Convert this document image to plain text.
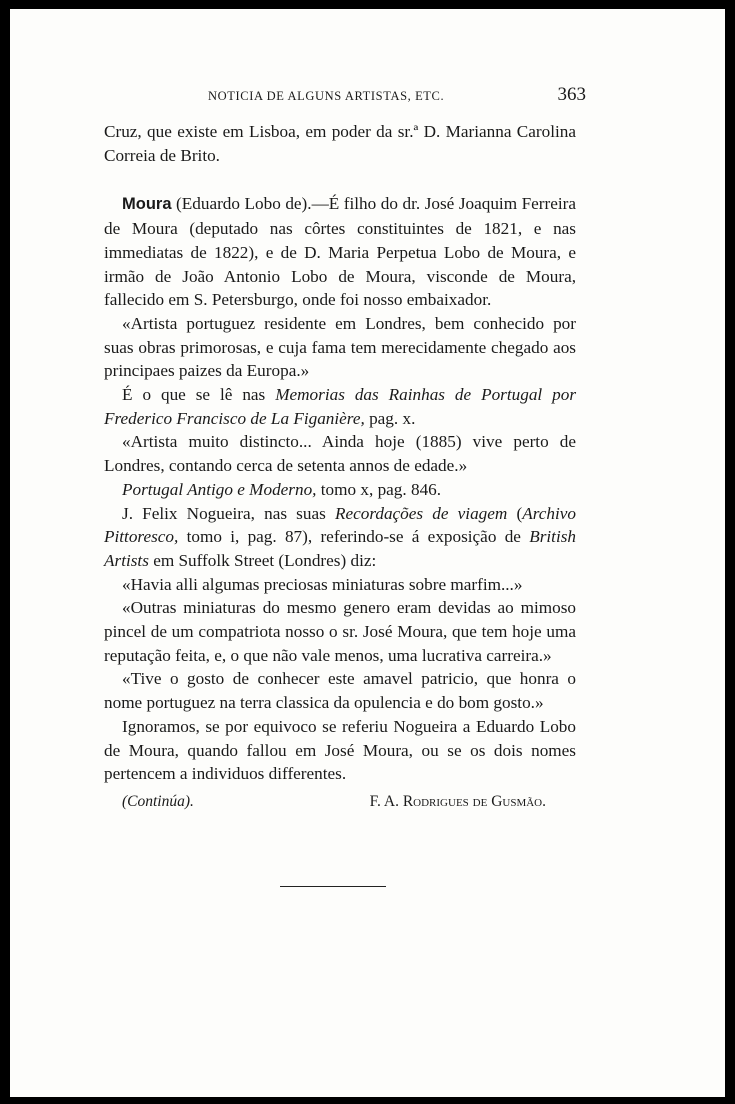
NOTICIA DE ALGUNS ARTISTAS, ETC.	363

Cruz, que existe em Lisboa, em poder da sr.ª D. Marianna Carolina Correia de Brito.

Moura (Eduardo Lobo de).—É filho do dr. José Joaquim Ferreira de Moura (deputado nas côrtes constituintes de 1821, e nas immediatas de 1822), e de D. Maria Perpetua Lobo de Moura, e irmão de João Antonio Lobo de Moura, visconde de Moura, fallecido em S. Petersburgo, onde foi nosso embaixador.

«Artista portuguez residente em Londres, bem conhecido por suas obras primorosas, e cuja fama tem merecidamente chegado aos principaes paizes da Europa.»

É o que se lê nas Memorias das Rainhas de Portugal por Frederico Francisco de La Figanière, pag. x.

«Artista muito distincto... Ainda hoje (1885) vive perto de Londres, contando cerca de setenta annos de edade.»

Portugal Antigo e Moderno, tomo x, pag. 846.

J. Felix Nogueira, nas suas Recordações de viagem (Archivo Pittoresco, tomo i, pag. 87), referindo-se á exposição de British Artists em Suffolk Street (Londres) diz:

«Havia alli algumas preciosas miniaturas sobre marfim...»

«Outras miniaturas do mesmo genero eram devidas ao mimoso pincel de um compatriota nosso o sr. José Moura, que tem hoje uma reputação feita, e, o que não vale menos, uma lucrativa carreira.»

«Tive o gosto de conhecer este amavel patricio, que honra o nome portuguez na terra classica da opulencia e do bom gosto.»

Ignoramos, se por equivoco se referiu Nogueira a Eduardo Lobo de Moura, quando fallou em José Moura, ou se os dois nomes pertencem a individuos differentes.

(Continúa).	F. A. Rodrigues de Gusmão.
